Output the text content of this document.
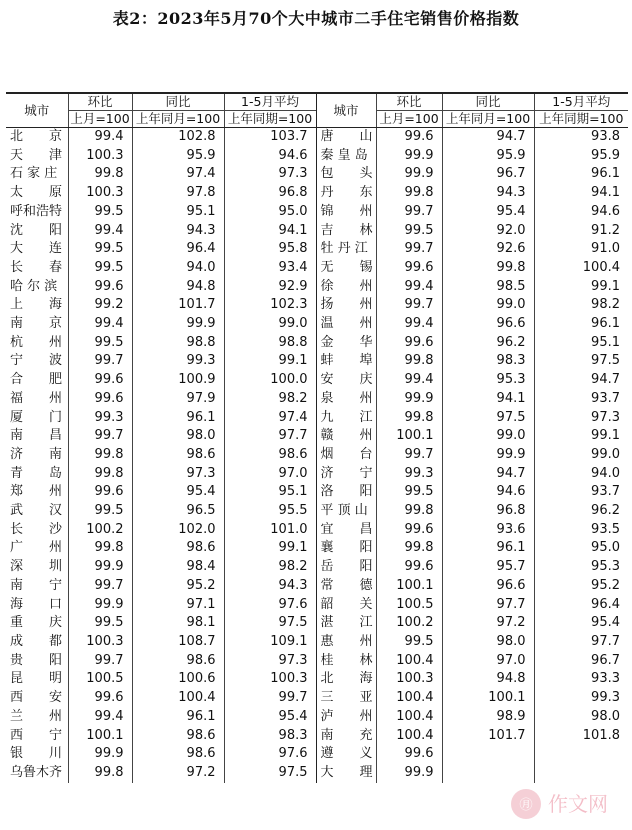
表2：2023年5月70个大中城市二手住宅销售价格指数
城市	环比	同比	1-5月平均	城市	环比	同比	1-5月平均
	上月=100	上年同月=100	上年同期=100		上月=100	上年同月=100	上年同期=100
北　　京	99.4	102.8	103.7	唐　　山	99.6	94.7	93.8
天　　津	100.3	95.9	94.6	秦 皇 岛	99.9	95.9	95.9
石 家 庄	99.8	97.4	97.3	包　　头	99.9	96.7	96.1
太　　原	100.3	97.8	96.8	丹　　东	99.8	94.3	94.1
呼和浩特	99.5	95.1	95.0	锦　　州	99.7	95.4	94.6
沈　　阳	99.4	94.3	94.1	吉　　林	99.5	92.0	91.2
大　　连	99.5	96.4	95.8	牡 丹 江	99.7	92.6	91.0
长　　春	99.5	94.0	93.4	无　　锡	99.6	99.8	100.4
哈 尔 滨	99.6	94.8	92.9	徐　　州	99.4	98.5	99.1
上　　海	99.2	101.7	102.3	扬　　州	99.7	99.0	98.2
南　　京	99.4	99.9	99.0	温　　州	99.4	96.6	96.1
杭　　州	99.5	98.8	98.8	金　　华	99.6	96.2	95.1
宁　　波	99.7	99.3	99.1	蚌　　埠	99.8	98.3	97.5
合　　肥	99.6	100.9	100.0	安　　庆	99.4	95.3	94.7
福　　州	99.6	97.9	98.2	泉　　州	99.9	94.1	93.7
厦　　门	99.3	96.1	97.4	九　　江	99.8	97.5	97.3
南　　昌	99.7	98.0	97.7	赣　　州	100.1	99.0	99.1
济　　南	99.8	98.6	98.6	烟　　台	99.7	99.9	99.0
青　　岛	99.8	97.3	97.0	济　　宁	99.3	94.7	94.0
郑　　州	99.6	95.4	95.1	洛　　阳	99.5	94.6	93.7
武　　汉	99.5	96.5	95.5	平 顶 山	99.8	96.8	96.2
长　　沙	100.2	102.0	101.0	宜　　昌	99.6	93.6	93.5
广　　州	99.8	98.6	99.1	襄　　阳	99.8	96.1	95.0
深　　圳	99.9	98.4	98.2	岳　　阳	99.6	95.7	95.3
南　　宁	99.7	95.2	94.3	常　　德	100.1	96.6	95.2
海　　口	99.9	97.1	97.6	韶　　关	100.5	97.7	96.4
重　　庆	99.5	98.1	97.5	湛　　江	100.2	97.2	95.4
成　　都	100.3	108.7	109.1	惠　　州	99.5	98.0	97.7
贵　　阳	99.7	98.6	97.3	桂　　林	100.4	97.0	96.7
昆　　明	100.5	100.6	100.3	北　　海	100.3	94.8	93.3
西　　安	99.6	100.4	99.7	三　　亚	100.4	100.1	99.3
兰　　州	99.4	96.1	95.4	泸　　州	100.4	98.9	98.0
西　　宁	100.1	98.6	98.3	南　　充	100.4	101.7	101.8
银　　川	99.9	98.6	97.6	遵　　义	99.6		
乌鲁木齐	99.8	97.2	97.5	大　　理	99.9		
㊊ 作文网
